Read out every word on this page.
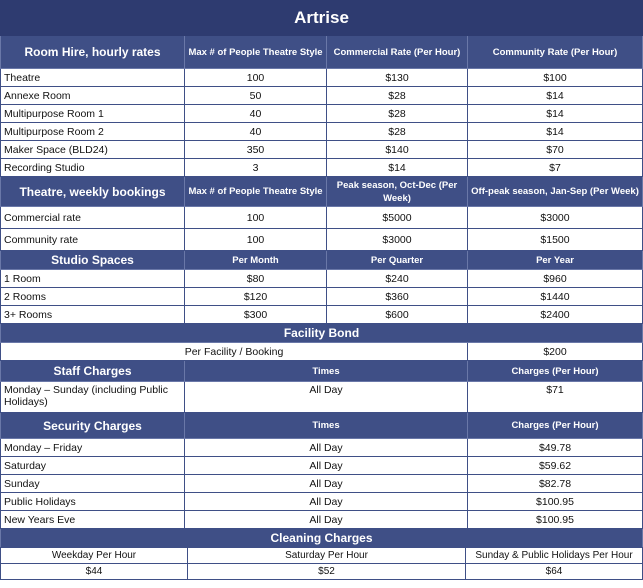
Artrise			
Room Hire, hourly rates	Max # of People Theatre Style	Commercial Rate (Per Hour)	Community Rate (Per Hour)
Theatre	100	$130	$100
Annexe Room	50	$28	$14
Multipurpose Room 1	40	$28	$14
Multipurpose Room 2	40	$28	$14
Maker Space (BLD24)	350	$140	$70
Recording Studio	3	$14	$7
Theatre, weekly bookings	Max # of People Theatre Style	Peak season, Oct-Dec (Per Week)	Off-peak season, Jan-Sep (Per Week)
Commercial rate	100	$5000	$3000
Community rate	100	$3000	$1500
Studio Spaces	Per Month	Per Quarter	Per Year
1 Room	$80	$240	$960
2 Rooms	$120	$360	$1440
3+ Rooms	$300	$600	$2400
Facility Bond			
Per Facility / Booking			$200
Staff Charges	Times		Charges (Per Hour)
Monday – Sunday (including Public Holidays)	All Day		$71
Security Charges	Times		Charges (Per Hour)
Monday – Friday	All Day		$49.78
Saturday	All Day		$59.62
Sunday	All Day		$82.78
Public Holidays	All Day		$100.95
New Years Eve	All Day		$100.95
Cleaning Charges			
Weekday Per Hour	Saturday Per Hour	Sunday & Public Holidays Per Hour
$44	$52	$64
